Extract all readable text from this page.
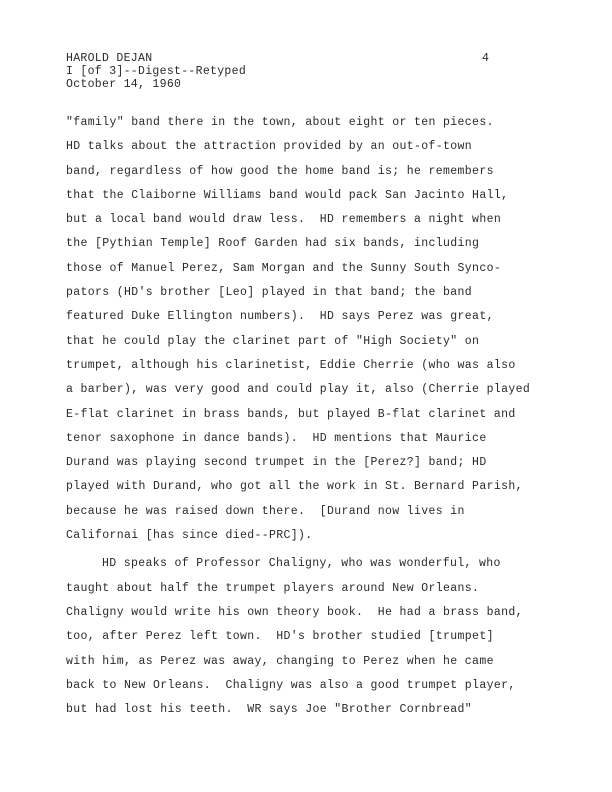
HAROLD DEJAN
I [of 3]--Digest--Retyped
October 14, 1960
4
"family" band there in the town, about eight or ten pieces.
HD talks about the attraction provided by an out-of-town
band, regardless of how good the home band is; he remembers
that the Claiborne Williams band would pack San Jacinto Hall,
but a local band would draw less.  HD remembers a night when
the [Pythian Temple] Roof Garden had six bands, including
those of Manuel Perez, Sam Morgan and the Sunny South Synco-
pators (HD's brother [Leo] played in that band; the band
featured Duke Ellington numbers).  HD says Perez was great,
that he could play the clarinet part of "High Society" on
trumpet, although his clarinetist, Eddie Cherrie (who was also
a barber), was very good and could play it, also (Cherrie played
E-flat clarinet in brass bands, but played B-flat clarinet and
tenor saxophone in dance bands).  HD mentions that Maurice
Durand was playing second trumpet in the [Perez?] band; HD
played with Durand, who got all the work in St. Bernard Parish,
because he was raised down there.  [Durand now lives in
Californai [has since died--PRC]).
HD speaks of Professor Chaligny, who was wonderful, who
taught about half the trumpet players around New Orleans.
Chaligny would write his own theory book.  He had a brass band,
too, after Perez left town.  HD's brother studied [trumpet]
with him, as Perez was away, changing to Perez when he came
back to New Orleans.  Chaligny was also a good trumpet player,
but had lost his teeth.  WR says Joe "Brother Cornbread"
